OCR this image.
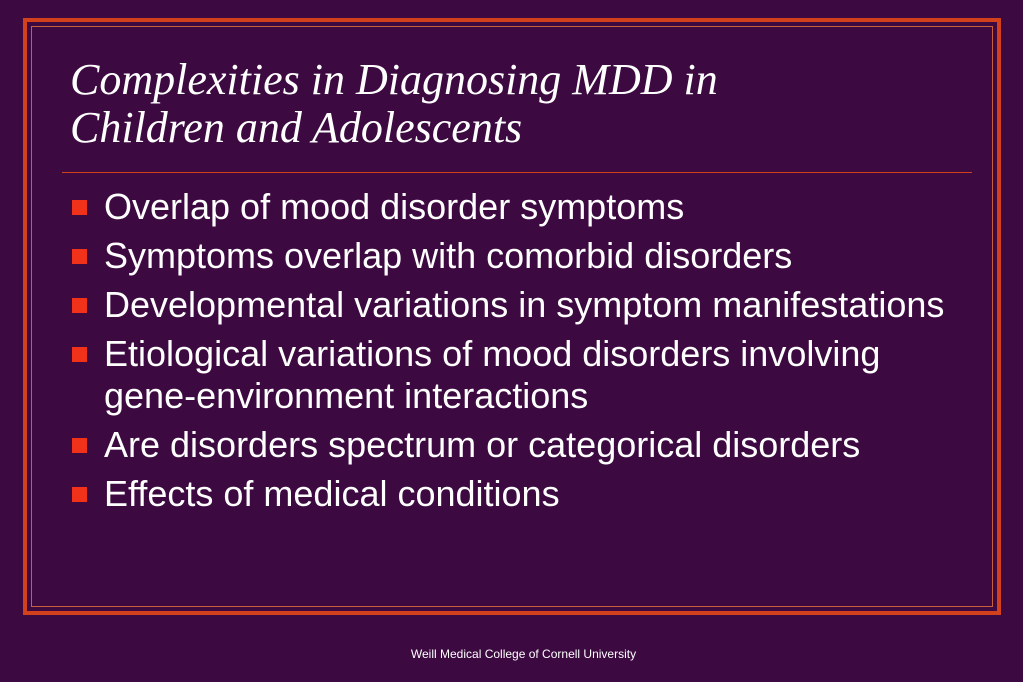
Complexities in Diagnosing MDD in
Children and Adolescents
Overlap of mood disorder symptoms
Symptoms overlap with comorbid disorders
Developmental variations in symptom manifestations
Etiological variations of mood disorders involving gene-environment interactions
Are disorders spectrum or categorical disorders
Effects of medical conditions
Weill Medical College of Cornell University
